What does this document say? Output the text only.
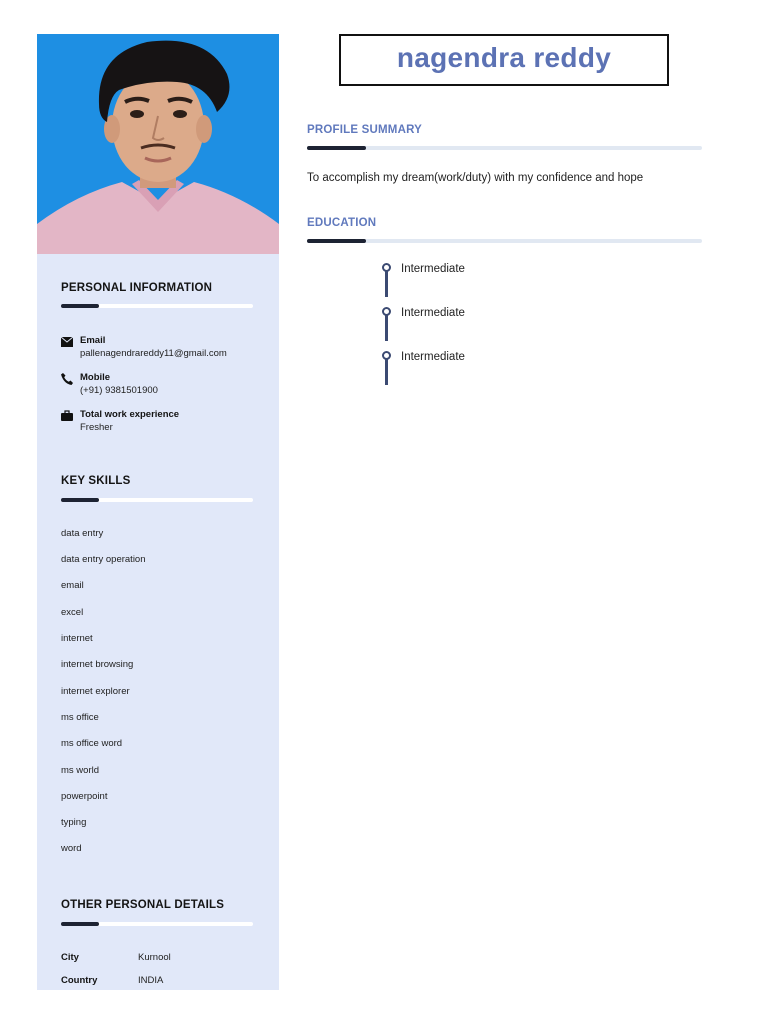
PERSONAL INFORMATION
Email
pallenagendrareddy11@gmail.com
Mobile
(+91) 9381501900
Total work experience
Fresher
KEY SKILLS
data entry
data entry operation
email
excel
internet
internet browsing
internet explorer
ms office
ms office word
ms world
powerpoint
typing
word
OTHER PERSONAL DETAILS
City	Kurnool
Country	INDIA
nagendra reddy
PROFILE SUMMARY
To accomplish my dream(work/duty) with my confidence and hope
EDUCATION
Intermediate
Intermediate
Intermediate
